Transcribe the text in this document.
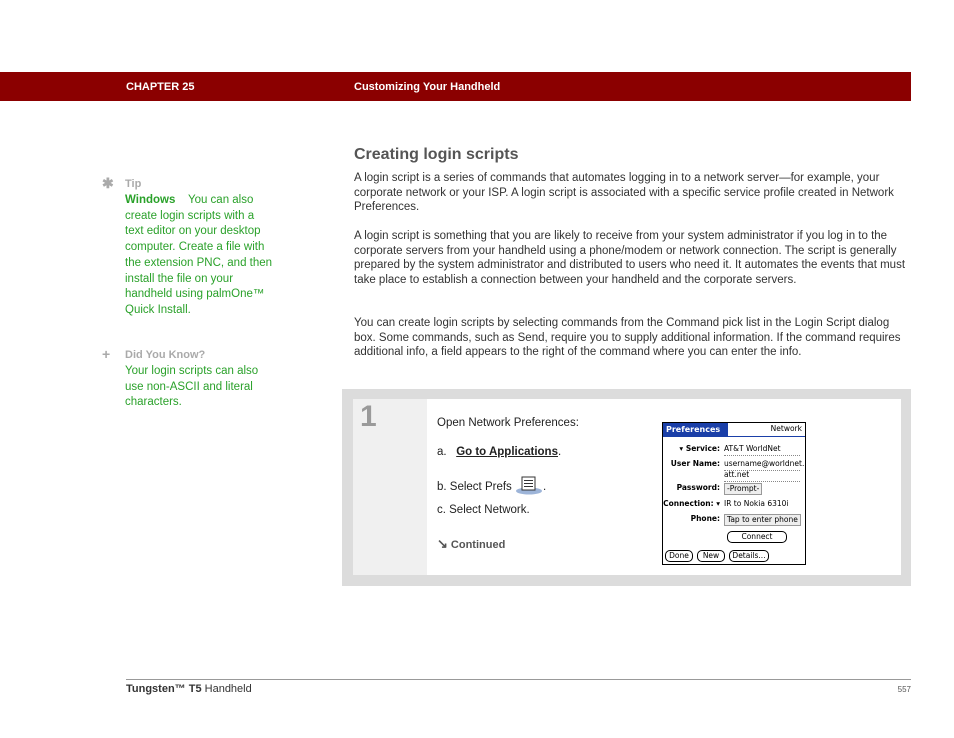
CHAPTER 25	Customizing Your Handheld
✱ Tip
Windows You can also create login scripts with a text editor on your desktop computer. Create a file with the extension PNC, and then install the file on your handheld using palmOne™ Quick Install.
+ Did You Know?
Your login scripts can also use non-ASCII and literal characters.
Creating login scripts

A login script is a series of commands that automates logging in to a network server—for example, your corporate network or your ISP. A login script is associated with a specific service profile created in Network Preferences.

A login script is something that you are likely to receive from your system administrator if you log in to the corporate servers from your handheld using a phone/modem or network connection. The script is generally prepared by the system administrator and distributed to users who need it. It automates the events that must take place to establish a connection between your handheld and the corporate servers.

You can create login scripts by selecting commands from the Command pick list in the Login Script dialog box. Some commands, such as Send, require you to supply additional information. If the command requires additional info, a field appears to the right of the command where you can enter the info.

1	Open Network Preferences:
a. Go to Applications.
b. Select Prefs	.
c. Select Network.
↘ Continued
Preferences	Network
▾ Service: AT&T WorldNet
User Name: username@worldnet.
att.net
Password: -Prompt-
Connection: ▾ IR to Nokia 6310i
Phone: Tap to enter phone
Connect
Done	New	Details...
Tungsten™ T5 Handheld	557
